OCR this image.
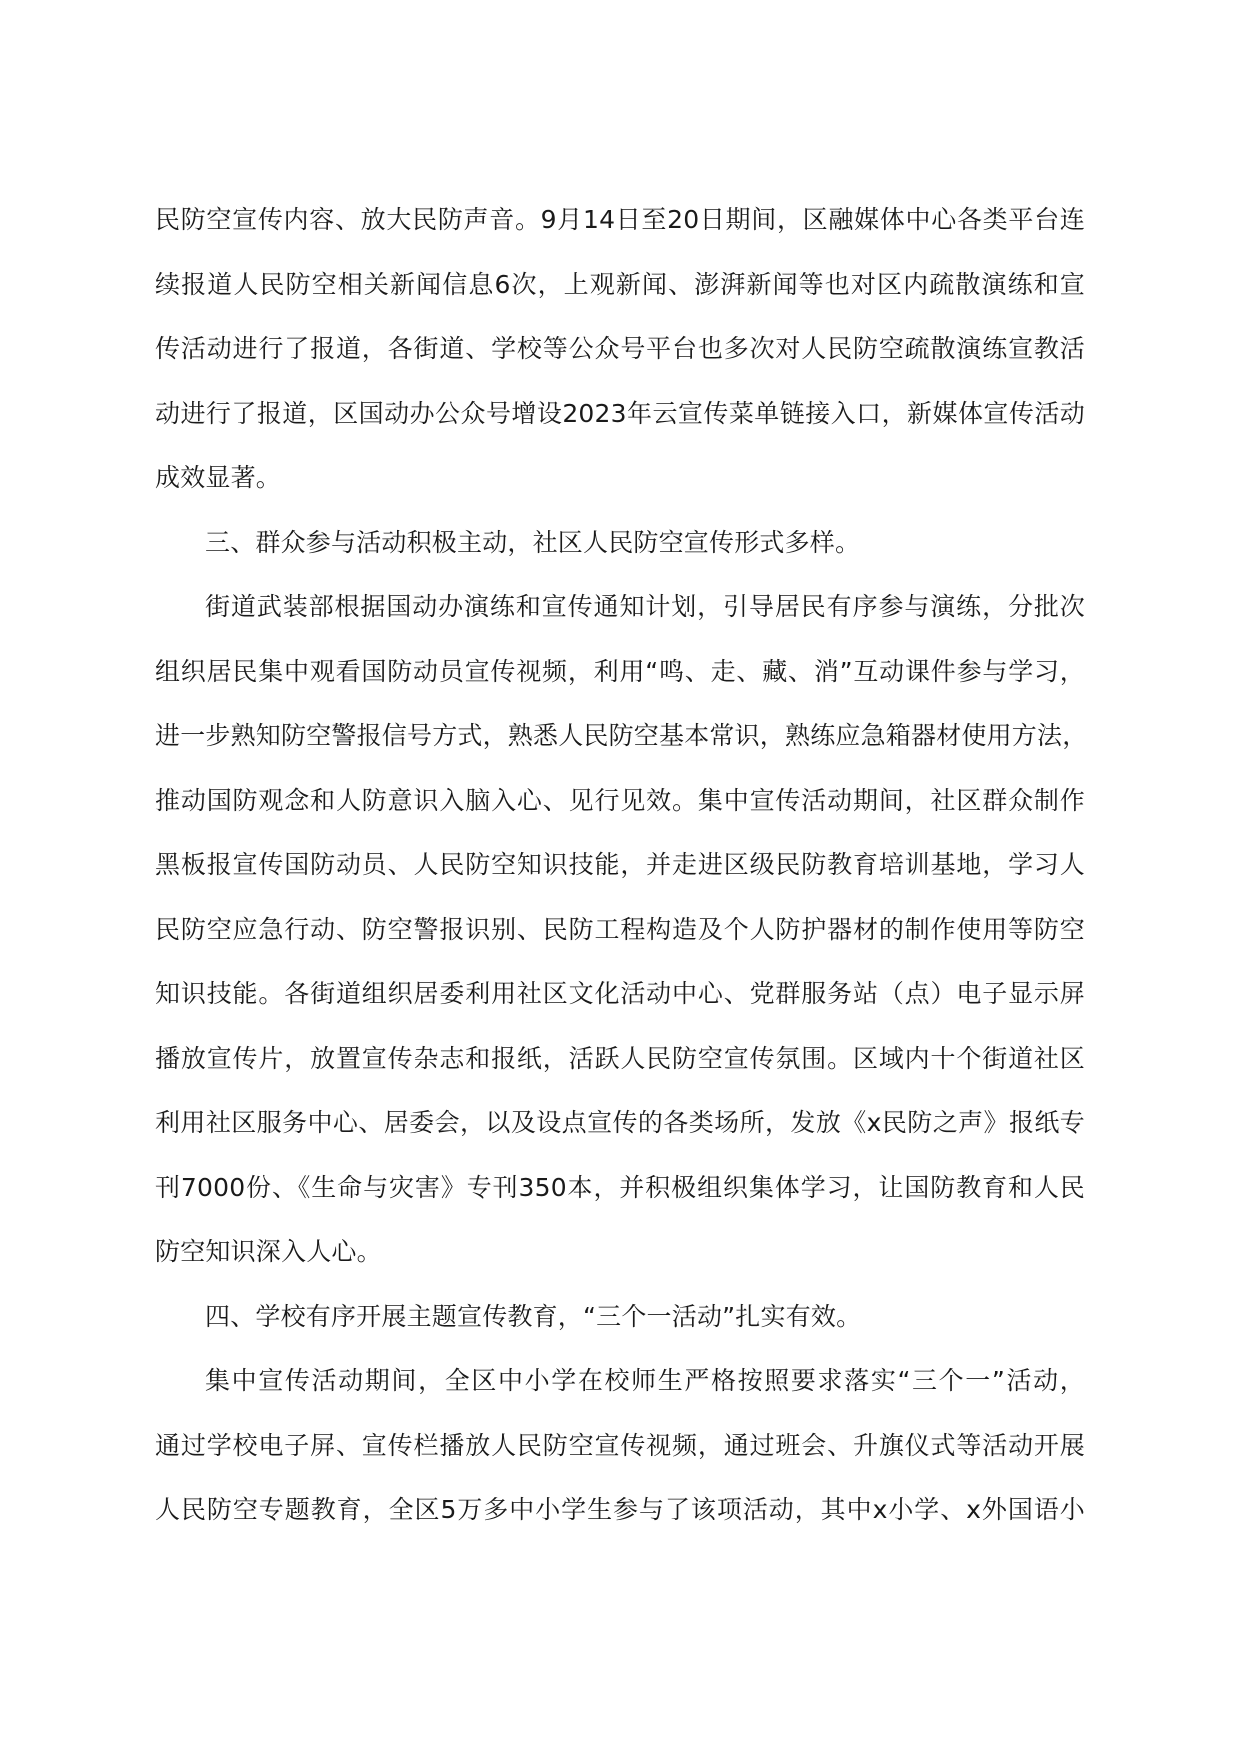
民防空宣传内容、放大民防声音。9月14日至20日期间，区融媒体中心各类平台连
续报道人民防空相关新闻信息6次，上观新闻、澎湃新闻等也对区内疏散演练和宣
传活动进行了报道，各街道、学校等公众号平台也多次对人民防空疏散演练宣教活
动进行了报道，区国动办公众号增设2023年云宣传菜单链接入口，新媒体宣传活动
成效显著。
三、群众参与活动积极主动，社区人民防空宣传形式多样。
街道武装部根据国动办演练和宣传通知计划，引导居民有序参与演练，分批次
组织居民集中观看国防动员宣传视频，利用“鸣、走、藏、消”互动课件参与学习，
进一步熟知防空警报信号方式，熟悉人民防空基本常识，熟练应急箱器材使用方法，
推动国防观念和人防意识入脑入心、见行见效。集中宣传活动期间，社区群众制作
黑板报宣传国防动员、人民防空知识技能，并走进区级民防教育培训基地，学习人
民防空应急行动、防空警报识别、民防工程构造及个人防护器材的制作使用等防空
知识技能。各街道组织居委利用社区文化活动中心、党群服务站（点）电子显示屏
播放宣传片，放置宣传杂志和报纸，活跃人民防空宣传氛围。区域内十个街道社区
利用社区服务中心、居委会，以及设点宣传的各类场所，发放《x民防之声》报纸专
刊7000份、《生命与灾害》专刊350本，并积极组织集体学习，让国防教育和人民
防空知识深入人心。
四、学校有序开展主题宣传教育，“三个一活动”扎实有效。
集中宣传活动期间，全区中小学在校师生严格按照要求落实“三个一”活动，
通过学校电子屏、宣传栏播放人民防空宣传视频，通过班会、升旗仪式等活动开展
人民防空专题教育，全区5万多中小学生参与了该项活动，其中x小学、x外国语小
